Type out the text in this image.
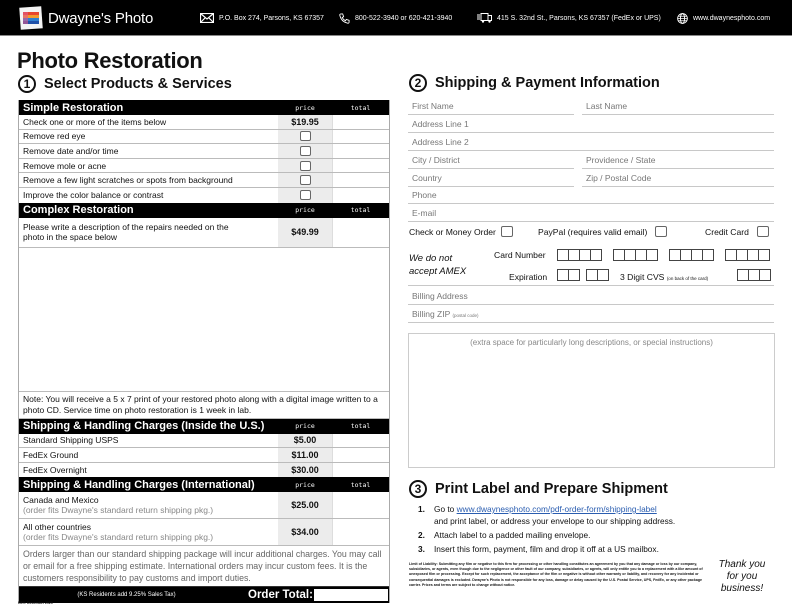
Dwayne's Photo	P.O. Box 274, Parsons, KS 67357	800-522-3940 or 620-421-3940	415 S. 32nd St., Parsons, KS 67357 (FedEx or UPS)	www.dwaynesphoto.com
Photo Restoration
1 Select Products & Services
Simple Restoration	price	total
Check one or more of the items below	$19.95
Remove red eye
Remove date and/or time
Remove mole or acne
Remove a few light scratches or spots from background
Improve the color balance or contrast
Complex Restoration	price	total
Please write a description of the repairs needed on the
photo in the space below	$49.99
Note: You will receive a 5 x 7 print of your restored photo along with a digital image written to a photo CD. Service time on photo restoration is 1 week in lab.
Shipping & Handling Charges (Inside the U.S.)	price	total
Standard Shipping USPS	$5.00
FedEx Ground	$11.00
FedEx Overnight	$30.00
Shipping & Handling Charges (International)	price	total
Canada and Mexico
(order fits Dwayne's standard return shipping pkg.)	$25.00
All other countries
(order fits Dwayne's standard return shipping pkg.)	$34.00
Orders larger than our standard shipping package will incur additional charges. You may call or email for a free shipping estimate. International orders may incur custom fees. It is the customers responsibility to pay customs and import duties.
(KS Residents add 9.25% Sales Tax)	Order Total:
REV: December 2020
2 Shipping & Payment Information
First Name	Last Name
Address Line 1
Address Line 2
City / District	Providence / State
Country	Zip / Postal Code
Phone
E-mail
Check or Money Order	PayPal (requires valid email)	Credit Card
We do not
accept AMEX
Card Number
Expiration	3 Digit CVS (on back of the card)
Billing Address
Billing ZIP (postal code)
(extra space for particularly long descriptions, or special instructions)
3 Print Label and Prepare Shipment
1.	Go to www.dwaynesphoto.com/pdf-order-form/shipping-label
and print label, or address your envelope to our shipping address.
2.	Attach label to a padded mailing envelope.
3.	Insert this form, payment, film and drop it off at a US mailbox.
Limit of Liability: Submitting any film or negative to this firm for processing or other handling constitutes an agreement by you that any damage or loss by our company, subsidiaries, or agents, even though due to the negligence or other fault of our company, subsidiaries, or agents, will only entitle you to a replacement with a like amount of unexposed film or processing. Except for such replacement, the acceptance of the film or negative is without other warranty or liability, and recovery for any incidental or consequential damages is excluded. Dwayne's Photo is not responsible for any loss, damage or delay caused by the U.S. Postal Service, UPS, FedEx, or any other package carrier. Prices and terms are subject to change without notice.
Thank you for you business!
